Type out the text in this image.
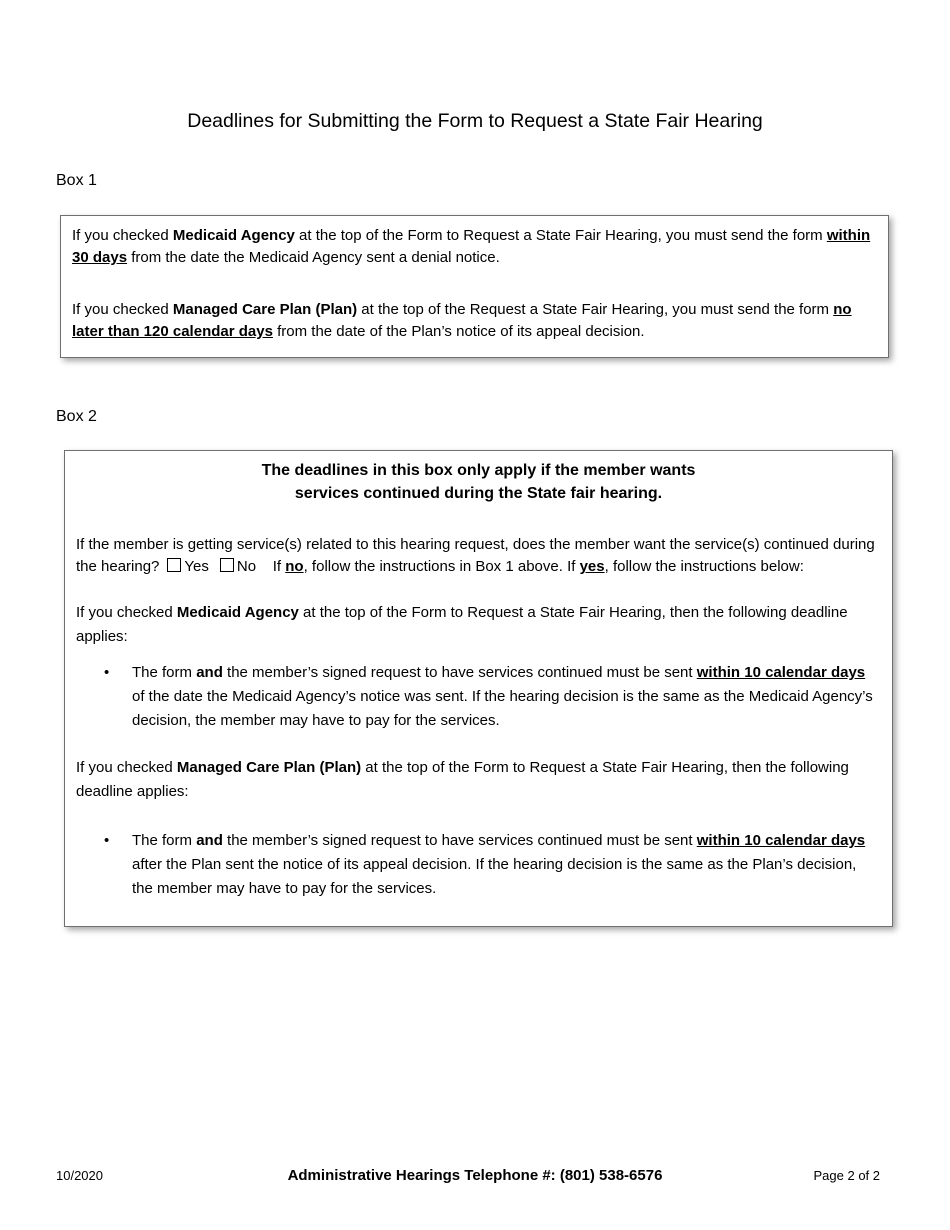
Deadlines for Submitting the Form to Request a State Fair Hearing
Box 1

If you checked Medicaid Agency at the top of the Form to Request a State Fair Hearing, you must send the form within 30 days from the date the Medicaid Agency sent a denial notice.

If you checked Managed Care Plan (Plan) at the top of the Request a State Fair Hearing, you must send the form no later than 120 calendar days from the date of the Plan’s notice of its appeal decision.

Box 2
The deadlines in this box only apply if the member wants
services continued during the State fair hearing.

If the member is getting service(s) related to this hearing request, does the member want the service(s) continued during the hearing? Yes No If no, follow the instructions in Box 1 above. If yes, follow the instructions below:

If you checked Medicaid Agency at the top of the Form to Request a State Fair Hearing, then the following deadline applies:

• The form and the member’s signed request to have services continued must be sent within 10 calendar days of the date the Medicaid Agency’s notice was sent. If the hearing decision is the same as the Medicaid Agency’s decision, the member may have to pay for the services.

If you checked Managed Care Plan (Plan) at the top of the Form to Request a State Fair Hearing, then the following deadline applies:

• The form and the member’s signed request to have services continued must be sent within 10 calendar days after the Plan sent the notice of its appeal decision. If the hearing decision is the same as the Plan’s decision, the member may have to pay for the services.
10/2020	Administrative Hearings Telephone #: (801) 538-6576	Page 2 of 2
